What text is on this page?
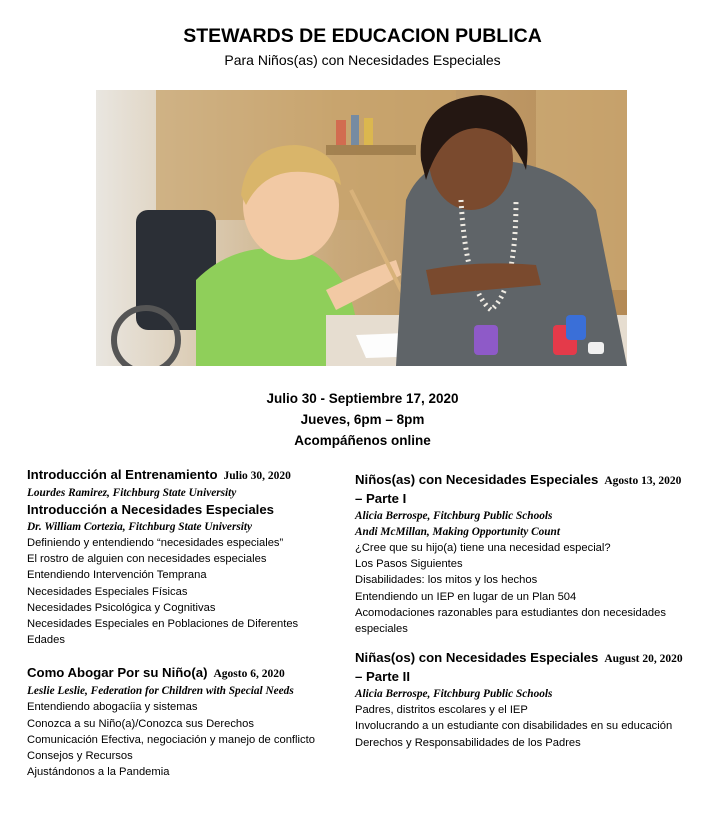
STEWARDS DE EDUCACION PUBLICA
Para Niños(as) con Necesidades Especiales
Julio 30 - Septiembre 17, 2020
Jueves, 6pm – 8pm
Acompáñenos online
Introducción al Entrenamiento Julio 30, 2020
Lourdes Ramirez, Fitchburg State University
Introducción a Necesidades Especiales
Dr. William Cortezia, Fitchburg State University
Definiendo y entendiendo “necesidades especiales”
El rostro de alguien con necesidades especiales
Entendiendo Intervención Temprana
Necesidades Especiales Físicas
Necesidades Psicológica y Cognitivas
Necesidades Especiales en Poblaciones de Diferentes Edades
Como Abogar Por su Niño(a) Agosto 6, 2020
Leslie Leslie, Federation for Children with Special Needs
Entendiendo abogacíia y sistemas
Conozca a su Niño(a)/Conozca sus Derechos
Comunicación Efectiva, negociación y manejo de conflicto
Consejos y Recursos
Ajustándonos a la Pandemia
Niños(as) con Necesidades Especiales Agosto 13, 2020
– Parte I
Alicia Berrospe, Fitchburg Public Schools
Andi McMillan, Making Opportunity Count
¿Cree que su hijo(a) tiene una necesidad especial?
Los Pasos Siguientes
Disabilidades: los mitos y los hechos
Entendiendo un IEP en lugar de un Plan 504
Acomodaciones razonables para estudiantes don necesidades especiales
Niñas(os) con Necesidades Especiales August 20, 2020
– Parte II
Alicia Berrospe, Fitchburg Public Schools
Padres, distritos escolares y el IEP
Involucrando a un estudiante con disabilidades en su educación
Derechos y Responsabilidades de los Padres
